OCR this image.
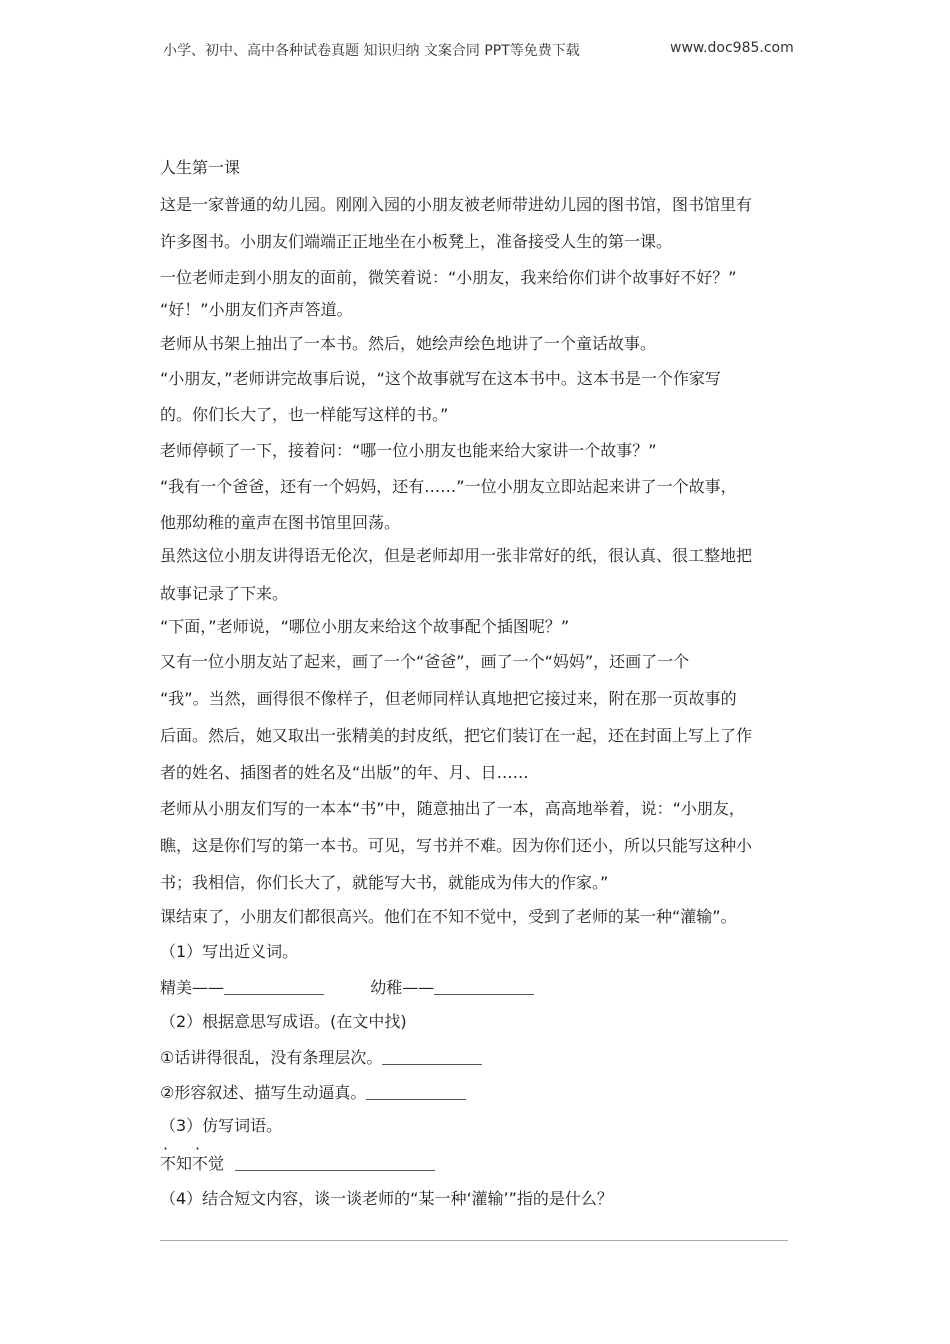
小学、初中、高中各种试卷真题 知识归纳 文案合同 PPT等免费下载	www.doc985.com
人生第一课
这是一家普通的幼儿园。刚刚入园的小朋友被老师带进幼儿园的图书馆，图书馆里有
许多图书。小朋友们端端正正地坐在小板凳上，准备接受人生的第一课。
一位老师走到小朋友的面前，微笑着说：“小朋友，我来给你们讲个故事好不好？”
“好！”小朋友们齐声答道。
老师从书架上抽出了一本书。然后，她绘声绘色地讲了一个童话故事。
“小朋友，”老师讲完故事后说，“这个故事就写在这本书中。这本书是一个作家写
的。你们长大了，也一样能写这样的书。”
老师停顿了一下，接着问：“哪一位小朋友也能来给大家讲一个故事？”
“我有一个爸爸，还有一个妈妈，还有……”一位小朋友立即站起来讲了一个故事，
他那幼稚的童声在图书馆里回荡。
虽然这位小朋友讲得语无伦次，但是老师却用一张非常好的纸，很认真、很工整地把
故事记录了下来。
“下面，”老师说，“哪位小朋友来给这个故事配个插图呢？”
又有一位小朋友站了起来，画了一个“爸爸”，画了一个“妈妈”，还画了一个
“我”。当然，画得很不像样子，但老师同样认真地把它接过来，附在那一页故事的
后面。然后，她又取出一张精美的封皮纸，把它们装订在一起，还在封面上写上了作
者的姓名、插图者的姓名及“出版”的年、月、日……
老师从小朋友们写的一本本“书”中，随意抽出了一本，高高地举着，说：“小朋友，
瞧，这是你们写的第一本书。可见，写书并不难。因为你们还小，所以只能写这种小
书；我相信，你们长大了，就能写大书，就能成为伟大的作家。”
课结束了，小朋友们都很高兴。他们在不知不觉中，受到了老师的某一种“灌输”。
（1）写出近义词。
精美——	幼稚——
（2）根据意思写成语。(在文中找)
①话讲得很乱，没有条理层次。
②形容叙述、描写生动逼真。
（3）仿写词语。
不知不觉
（4）结合短文内容，谈一谈老师的“某一种‘灌输’”指的是什么？
